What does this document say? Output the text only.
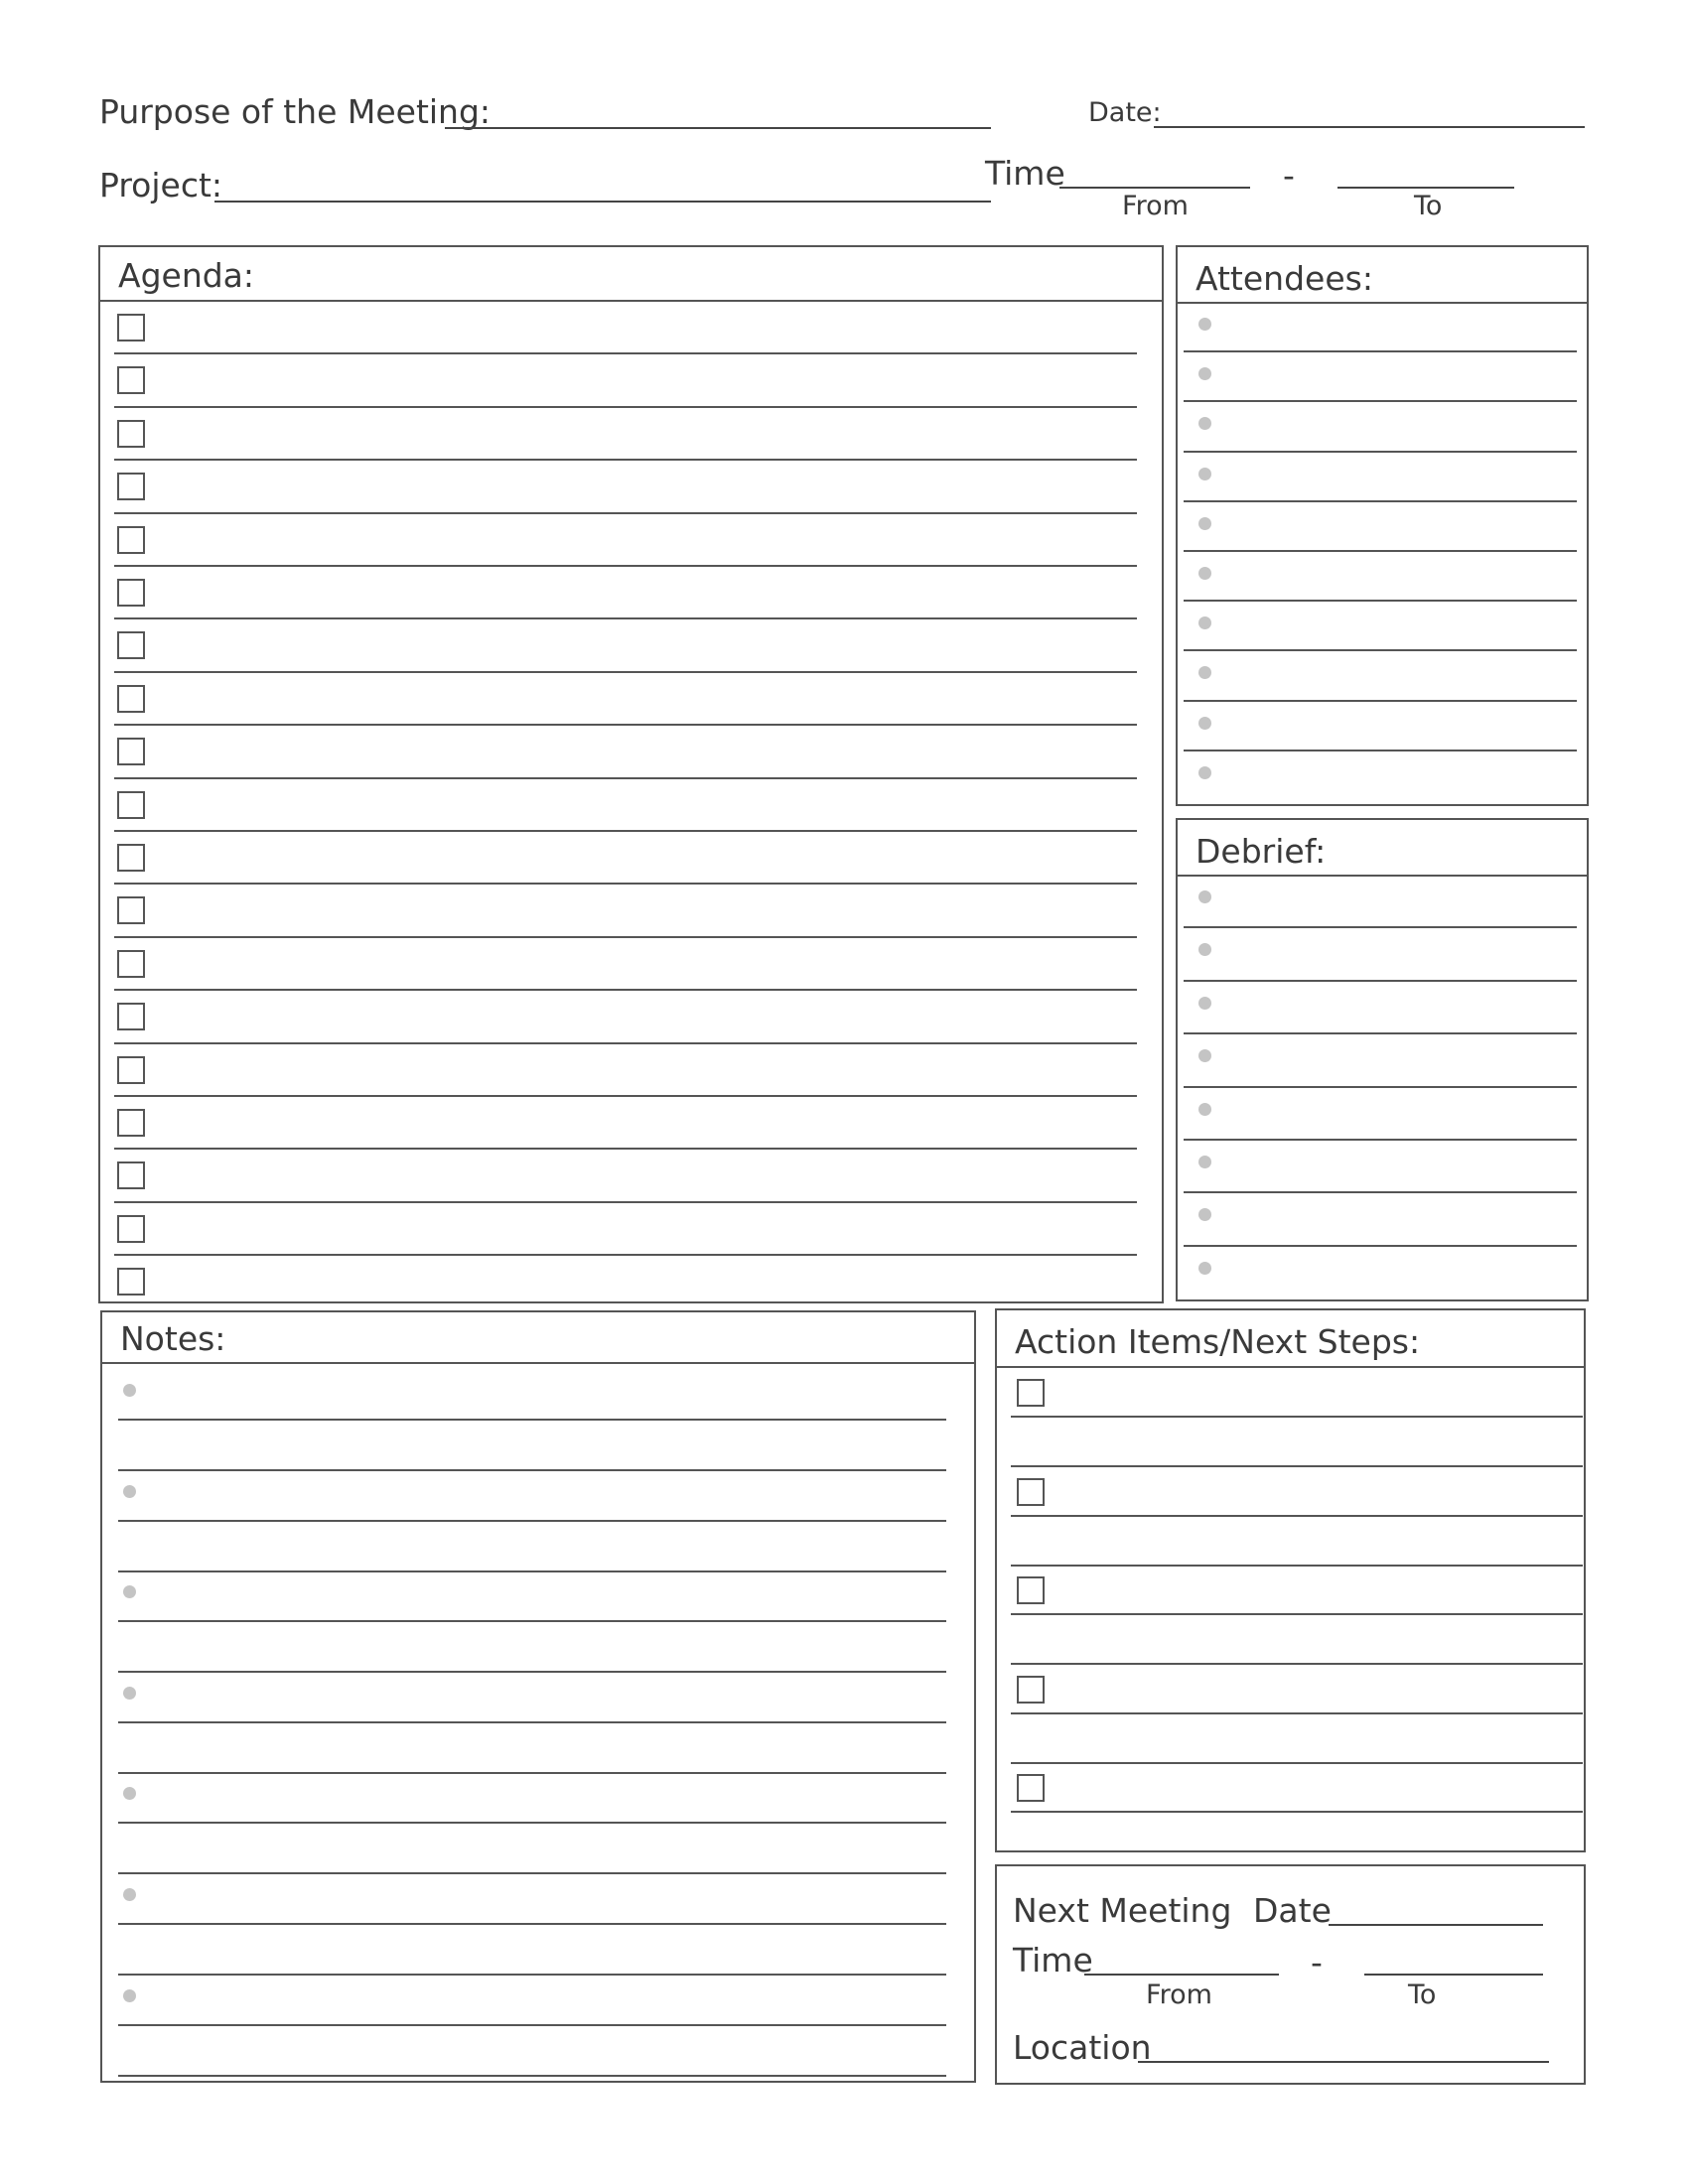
Purpose of the Meeting:	Date:
Project:	Time	-
From	To
Agenda:	Attendees:
Debrief:
Notes:	Action Items/Next Steps:
Next Meeting Date
Time	-
From	To
Location
